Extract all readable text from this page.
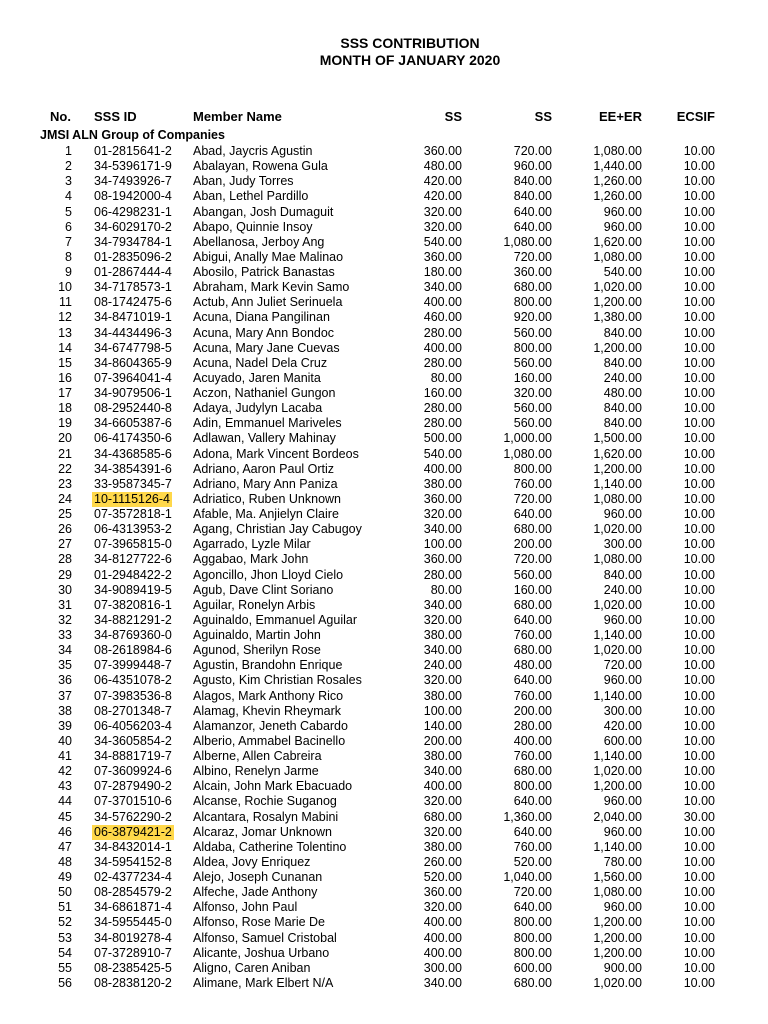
SSS CONTRIBUTION
MONTH OF JANUARY 2020
No. SSS ID	Member Name	SS	SS	EE+ER	ECSIF
JMSI ALN Group of Companies
1 01-2815641-2 Abad, Jaycris Agustin	360.00	720.00	1,080.00	10.00
2 34-5396171-9 Abalayan, Rowena Gula	480.00	960.00	1,440.00	10.00
3 34-7493926-7 Aban, Judy Torres	420.00	840.00	1,260.00	10.00
4 08-1942000-4 Aban, Lethel Pardillo	420.00	840.00	1,260.00	10.00
5 06-4298231-1 Abangan, Josh Dumaguit	320.00	640.00	960.00	10.00
6 34-6029170-2 Abapo, Quinnie Insoy	320.00	640.00	960.00	10.00
7 34-7934784-1 Abellanosa, Jerboy Ang	540.00	1,080.00	1,620.00	10.00
8 01-2835096-2 Abigui, Anally Mae Malinao	360.00	720.00	1,080.00	10.00
9 01-2867444-4 Abosilo, Patrick Banastas	180.00	360.00	540.00	10.00
10 34-7178573-1 Abraham, Mark Kevin Samo	340.00	680.00	1,020.00	10.00
11 08-1742475-6 Actub, Ann Juliet Serinuela	400.00	800.00	1,200.00	10.00
12 34-8471019-1 Acuna, Diana Pangilinan	460.00	920.00	1,380.00	10.00
13 34-4434496-3 Acuna, Mary Ann Bondoc	280.00	560.00	840.00	10.00
14 34-6747798-5 Acuna, Mary Jane Cuevas	400.00	800.00	1,200.00	10.00
15 34-8604365-9 Acuna, Nadel Dela Cruz	280.00	560.00	840.00	10.00
16 07-3964041-4 Acuyado, Jaren Manita	80.00	160.00	240.00	10.00
17 34-9079506-1 Aczon, Nathaniel Gungon	160.00	320.00	480.00	10.00
18 08-2952440-8 Adaya, Judylyn Lacaba	280.00	560.00	840.00	10.00
19 34-6605387-6 Adin, Emmanuel Mariveles	280.00	560.00	840.00	10.00
20 06-4174350-6 Adlawan, Vallery Mahinay	500.00	1,000.00	1,500.00	10.00
21 34-4368585-6 Adona, Mark Vincent Bordeos	540.00	1,080.00	1,620.00	10.00
22 34-3854391-6 Adriano, Aaron Paul Ortiz	400.00	800.00	1,200.00	10.00
23 33-9587345-7 Adriano, Mary Ann Paniza	380.00	760.00	1,140.00	10.00
24 10-1115126-4 Adriatico, Ruben Unknown	360.00	720.00	1,080.00	10.00
25 07-3572818-1 Afable, Ma. Anjielyn Claire	320.00	640.00	960.00	10.00
26 06-4313953-2 Agang, Christian Jay Cabugoy	340.00	680.00	1,020.00	10.00
27 07-3965815-0 Agarrado, Lyzle Milar	100.00	200.00	300.00	10.00
28 34-8127722-6 Aggabao, Mark John	360.00	720.00	1,080.00	10.00
29 01-2948422-2 Agoncillo, Jhon Lloyd Cielo	280.00	560.00	840.00	10.00
30 34-9089419-5 Agub, Dave Clint Soriano	80.00	160.00	240.00	10.00
31 07-3820816-1 Aguilar, Ronelyn Arbis	340.00	680.00	1,020.00	10.00
32 34-8821291-2 Aguinaldo, Emmanuel Aguilar	320.00	640.00	960.00	10.00
33 34-8769360-0 Aguinaldo, Martin John	380.00	760.00	1,140.00	10.00
34 08-2618984-6 Agunod, Sherilyn Rose	340.00	680.00	1,020.00	10.00
35 07-3999448-7 Agustin, Brandohn Enrique	240.00	480.00	720.00	10.00
36 06-4351078-2 Agusto, Kim Christian Rosales	320.00	640.00	960.00	10.00
37 07-3983536-8 Alagos, Mark Anthony Rico	380.00	760.00	1,140.00	10.00
38 08-2701348-7 Alamag, Khevin Rheymark	100.00	200.00	300.00	10.00
39 06-4056203-4 Alamanzor, Jeneth Cabardo	140.00	280.00	420.00	10.00
40 34-3605854-2 Alberio, Ammabel Bacinello	200.00	400.00	600.00	10.00
41 34-8881719-7 Alberne, Allen Cabreira	380.00	760.00	1,140.00	10.00
42 07-3609924-6 Albino, Renelyn Jarme	340.00	680.00	1,020.00	10.00
43 07-2879490-2 Alcain, John Mark Ebacuado	400.00	800.00	1,200.00	10.00
44 07-3701510-6 Alcanse, Rochie Suganog	320.00	640.00	960.00	10.00
45 34-5762290-2 Alcantara, Rosalyn Mabini	680.00	1,360.00	2,040.00	30.00
46 06-3879421-2 Alcaraz, Jomar Unknown	320.00	640.00	960.00	10.00
47 34-8432014-1 Aldaba, Catherine Tolentino	380.00	760.00	1,140.00	10.00
48 34-5954152-8 Aldea, Jovy Enriquez	260.00	520.00	780.00	10.00
49 02-4377234-4 Alejo, Joseph Cunanan	520.00	1,040.00	1,560.00	10.00
50 08-2854579-2 Alfeche, Jade Anthony	360.00	720.00	1,080.00	10.00
51 34-6861871-4 Alfonso, John Paul	320.00	640.00	960.00	10.00
52 34-5955445-0 Alfonso, Rose Marie De	400.00	800.00	1,200.00	10.00
53 34-8019278-4 Alfonso, Samuel Cristobal	400.00	800.00	1,200.00	10.00
54 07-3728910-7 Alicante, Joshua Urbano	400.00	800.00	1,200.00	10.00
55 08-2385425-5 Aligno, Caren Aniban	300.00	600.00	900.00	10.00
56 08-2838120-2 Alimane, Mark Elbert N/A	340.00	680.00	1,020.00	10.00
